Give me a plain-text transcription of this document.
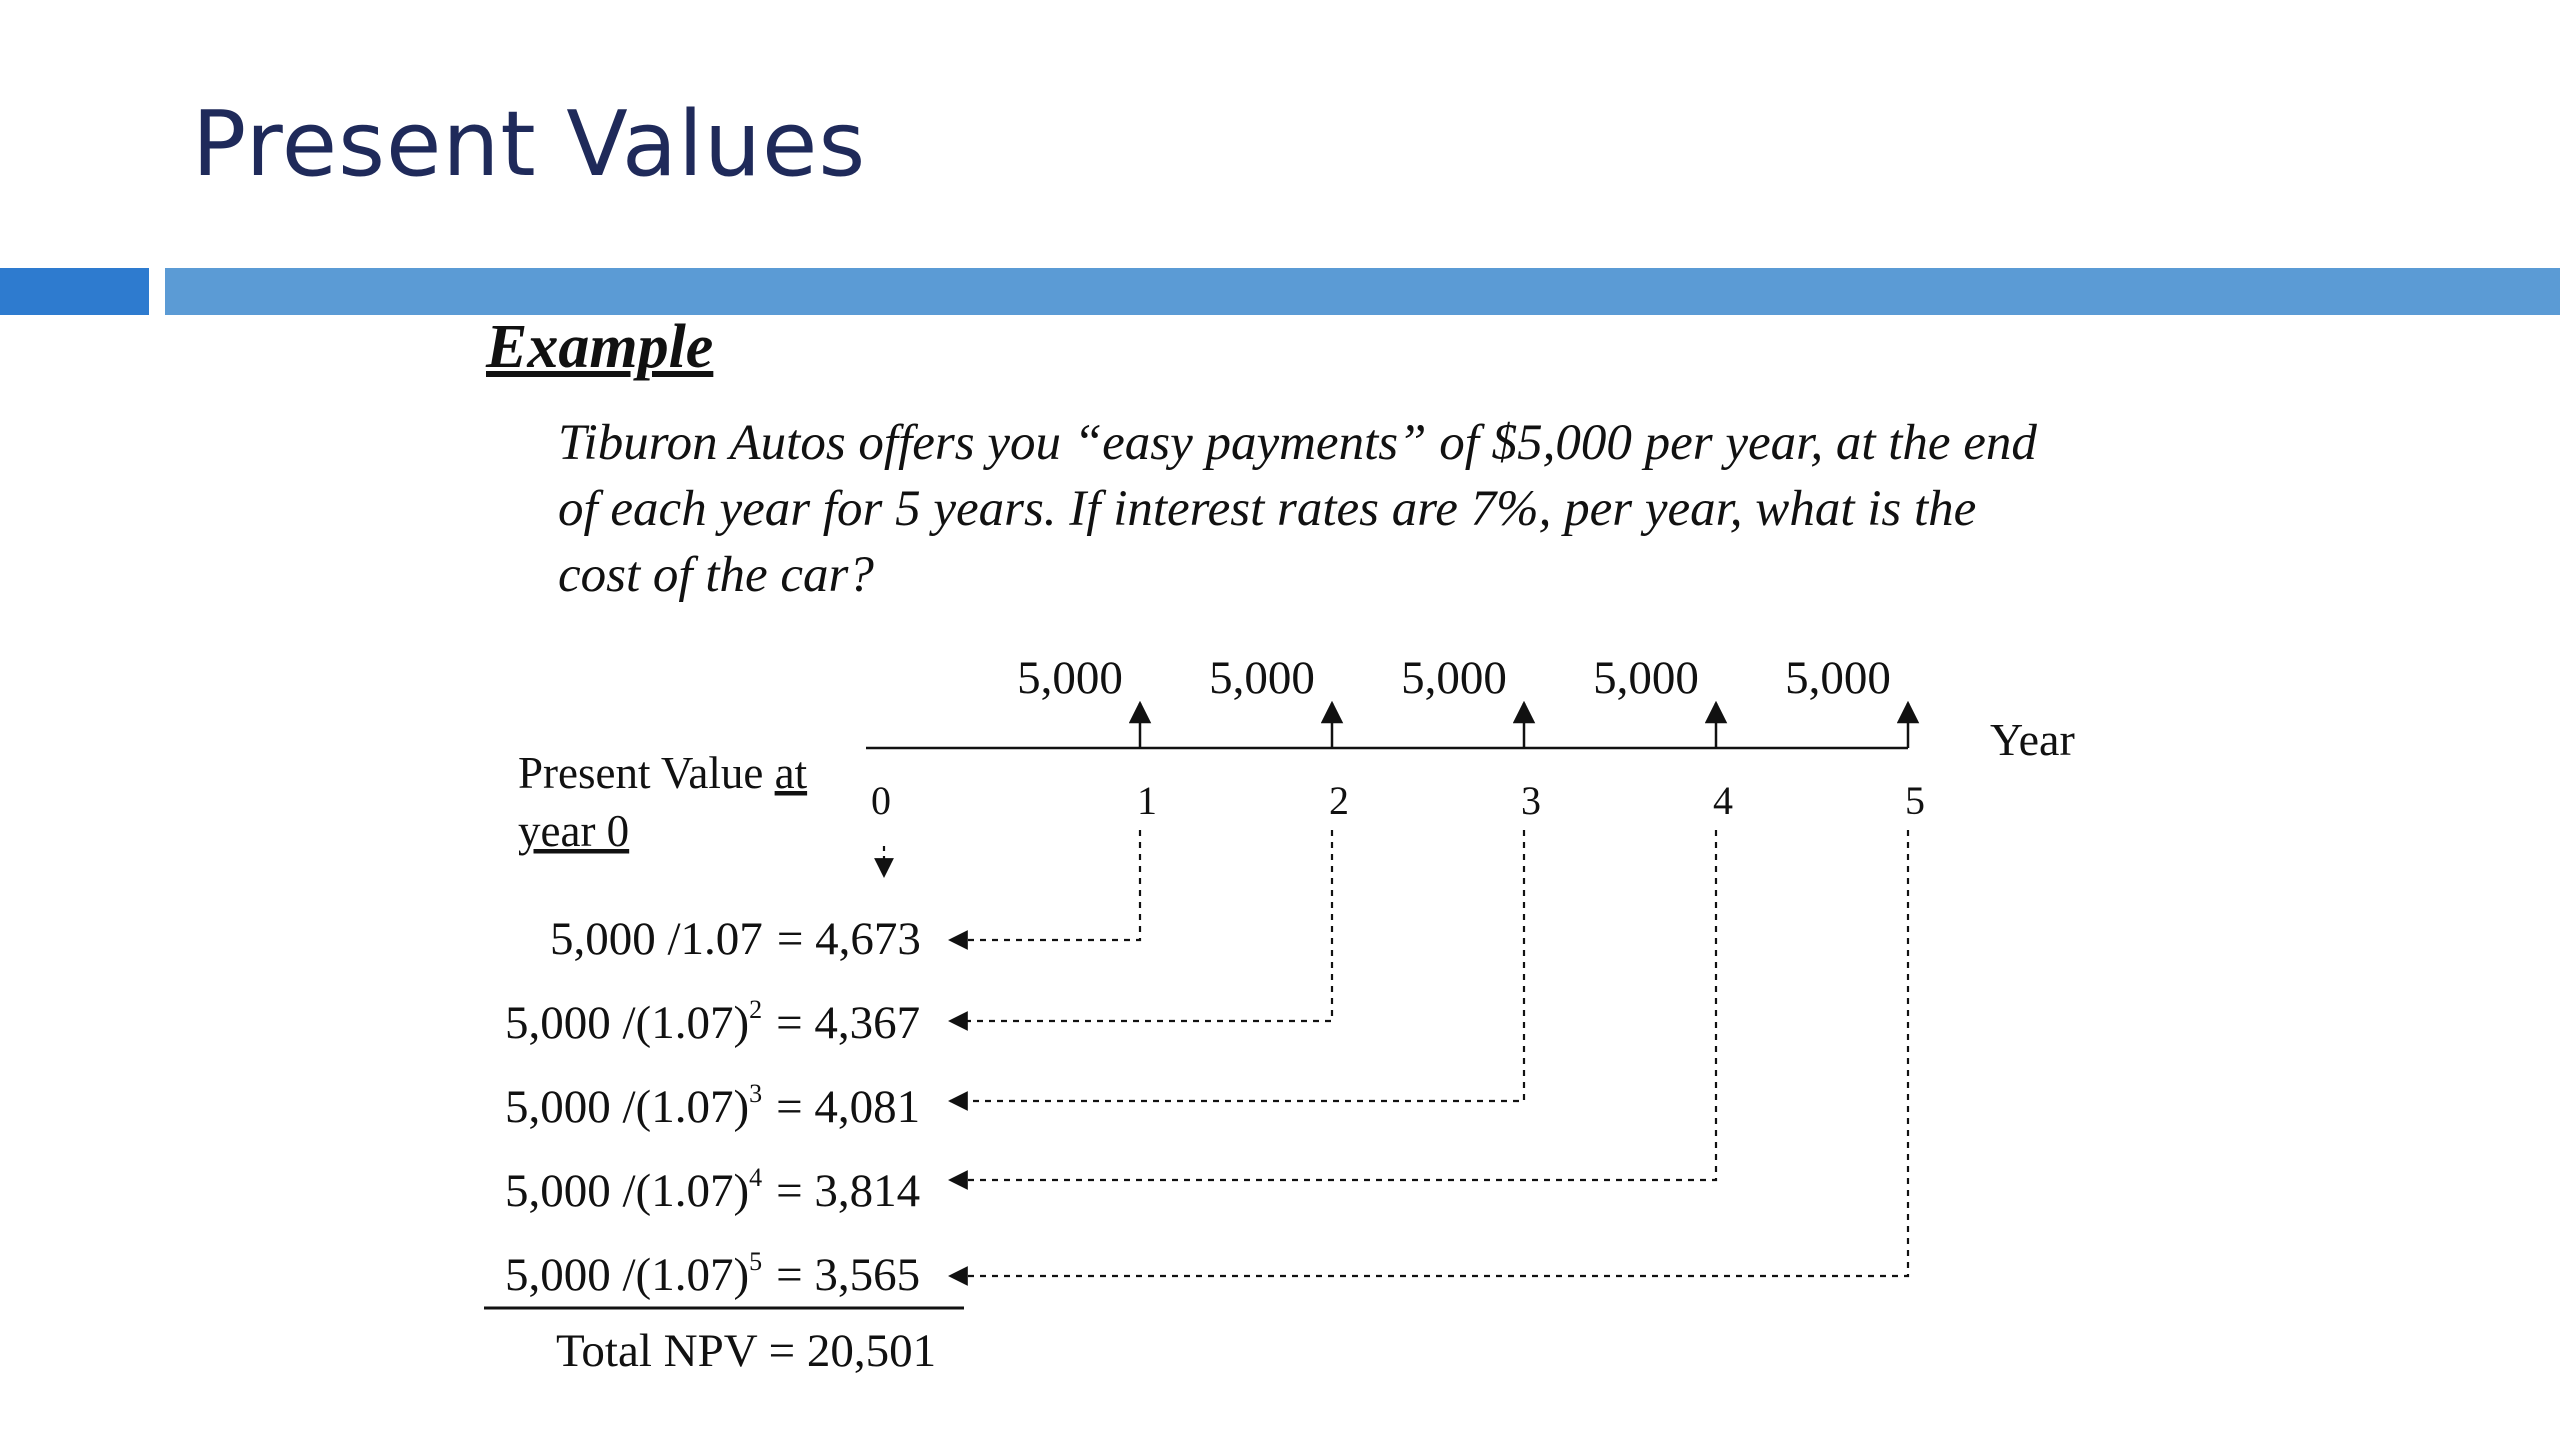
Present Values
Example
Tiburon Autos offers you “easy payments” of $5,000 per year, at the end
of each year for 5 years. If interest rates are 7%, per year, what is the
cost of the car?
Year
Present Value at
year 0
0	1	2	3	4	5
5,000 5,000 5,000 5,000 5,000
5,000 /1.07 = 4,673
5,000 $/(1.07)^2 = 4,367$
5,000 $/(1.07)^3 = 4,081$
5,000 $/(1.07)^4 = 3,814$
5,000 $/(1.07)^5 = 3,565$
Total NPV = 20,501
